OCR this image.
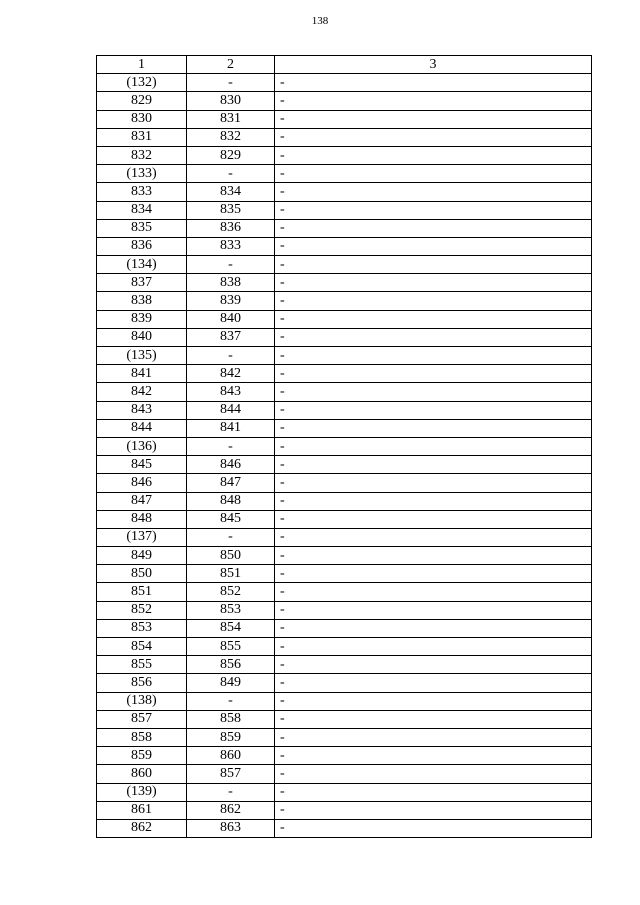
138
1	2	3
(132)	-	-
829	830	-
830	831	-
831	832	-
832	829	-
(133)	-	-
833	834	-
834	835	-
835	836	-
836	833	-
(134)	-	-
837	838	-
838	839	-
839	840	-
840	837	-
(135)	-	-
841	842	-
842	843	-
843	844	-
844	841	-
(136)	-	-
845	846	-
846	847	-
847	848	-
848	845	-
(137)	-	-
849	850	-
850	851	-
851	852	-
852	853	-
853	854	-
854	855	-
855	856	-
856	849	-
(138)	-	-
857	858	-
858	859	-
859	860	-
860	857	-
(139)	-	-
861	862	-
862	863	-
